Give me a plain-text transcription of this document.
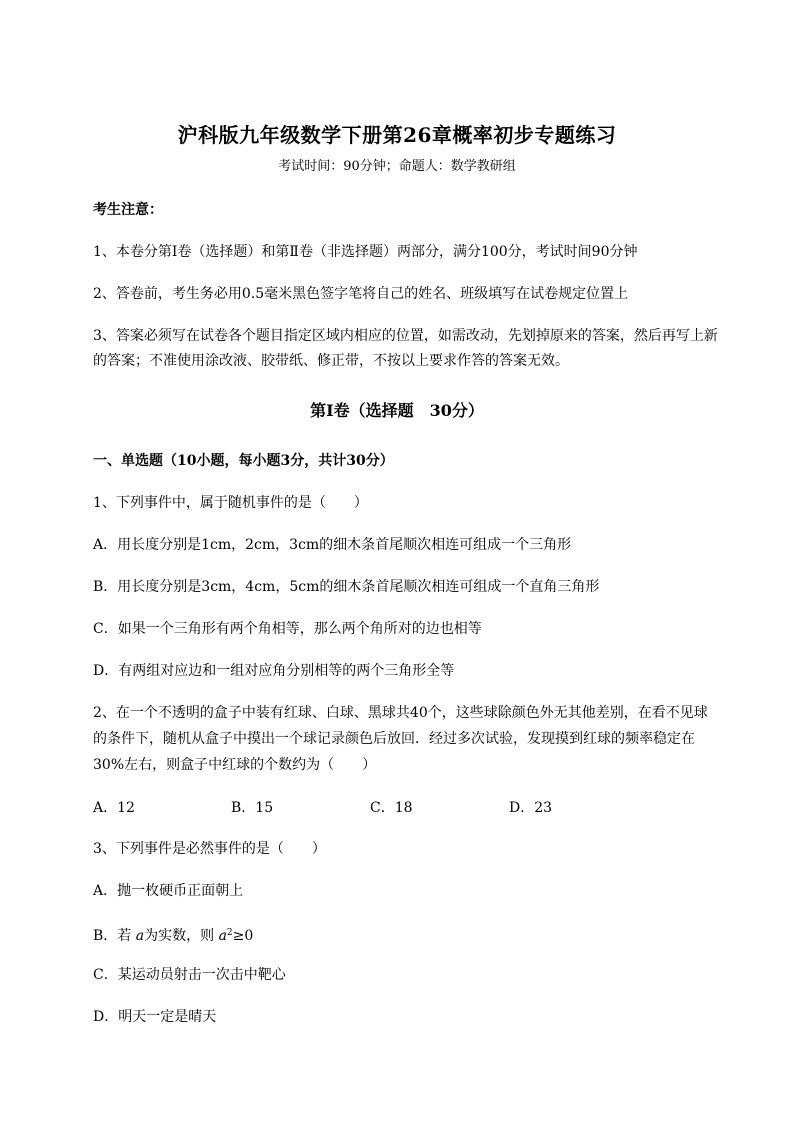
沪科版九年级数学下册第26章概率初步专题练习
考试时间：90分钟；命题人：数学教研组
考生注意：
1、本卷分第I卷（选择题）和第Ⅱ卷（非选择题）两部分，满分100分，考试时间90分钟
2、答卷前，考生务必用0.5毫米黑色签字笔将自己的姓名、班级填写在试卷规定位置上
3、答案必须写在试卷各个题目指定区域内相应的位置，如需改动，先划掉原来的答案，然后再写上新
的答案；不准使用涂改液、胶带纸、修正带，不按以上要求作答的答案无效。
第I卷（选择题　30分）
一、单选题（10小题，每小题3分，共计30分）
1、下列事件中，属于随机事件的是（　　）
A．用长度分别是1cm，2cm，3cm的细木条首尾顺次相连可组成一个三角形
B．用长度分别是3cm，4cm，5cm的细木条首尾顺次相连可组成一个直角三角形
C．如果一个三角形有两个角相等，那么两个角所对的边也相等
D．有两组对应边和一组对应角分别相等的两个三角形全等
2、在一个不透明的盒子中装有红球、白球、黑球共40个，这些球除颜色外无其他差别，在看不见球
的条件下，随机从盒子中摸出一个球记录颜色后放回．经过多次试验，发现摸到红球的频率稳定在
30%左右，则盒子中红球的个数约为（　　）
A．12	B．15	C．18	D．23
3、下列事件是必然事件的是（　　）
A．抛一枚硬币正面朝上
B．若 a为实数，则 $a^2\ge 0$
C．某运动员射击一次击中靶心
D．明天一定是晴天
